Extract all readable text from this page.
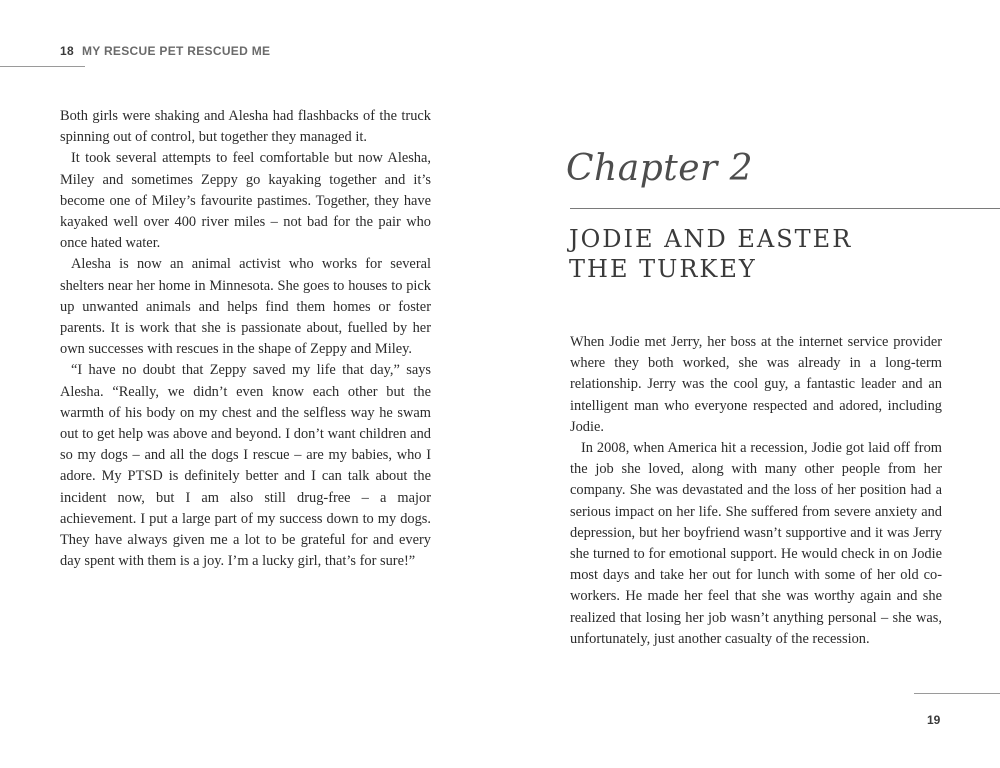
18 MY RESCUE PET RESCUED ME

Both girls were shaking and Alesha had flashbacks of the truck spinning out of control, but together they managed it.

It took several attempts to feel comfortable but now Alesha, Miley and sometimes Zeppy go kayaking together and it’s become one of Miley’s favourite pastimes. Together, they have kayaked well over 400 river miles – not bad for the pair who once hated water.

Alesha is now an animal activist who works for several shelters near her home in Minnesota. She goes to houses to pick up unwanted animals and helps find them homes or foster parents. It is work that she is passionate about, fuelled by her own successes with rescues in the shape of Zeppy and Miley.

“I have no doubt that Zeppy saved my life that day,” says Alesha. “Really, we didn’t even know each other but the warmth of his body on my chest and the selfless way he swam out to get help was above and beyond. I don’t want children and so my dogs – and all the dogs I rescue – are my babies, who I adore. My PTSD is definitely better and I can talk about the incident now, but I am also still drug-free – a major achievement. I put a large part of my success down to my dogs. They have always given me a lot to be grateful for and every day spent with them is a joy. I’m a lucky girl, that’s for sure!”

Chapter 2
JODIE AND EASTER THE TURKEY

When Jodie met Jerry, her boss at the internet service provider where they both worked, she was already in a long-term relationship. Jerry was the cool guy, a fantastic leader and an intelligent man who everyone respected and adored, including Jodie.

In 2008, when America hit a recession, Jodie got laid off from the job she loved, along with many other people from her company. She was devastated and the loss of her position had a serious impact on her life. She suffered from severe anxiety and depression, but her boyfriend wasn’t supportive and it was Jerry she turned to for emotional support. He would check in on Jodie most days and take her out for lunch with some of her old co-workers. He made her feel that she was worthy again and she realized that losing her job wasn’t anything personal – she was, unfortunately, just another casualty of the recession.

19
